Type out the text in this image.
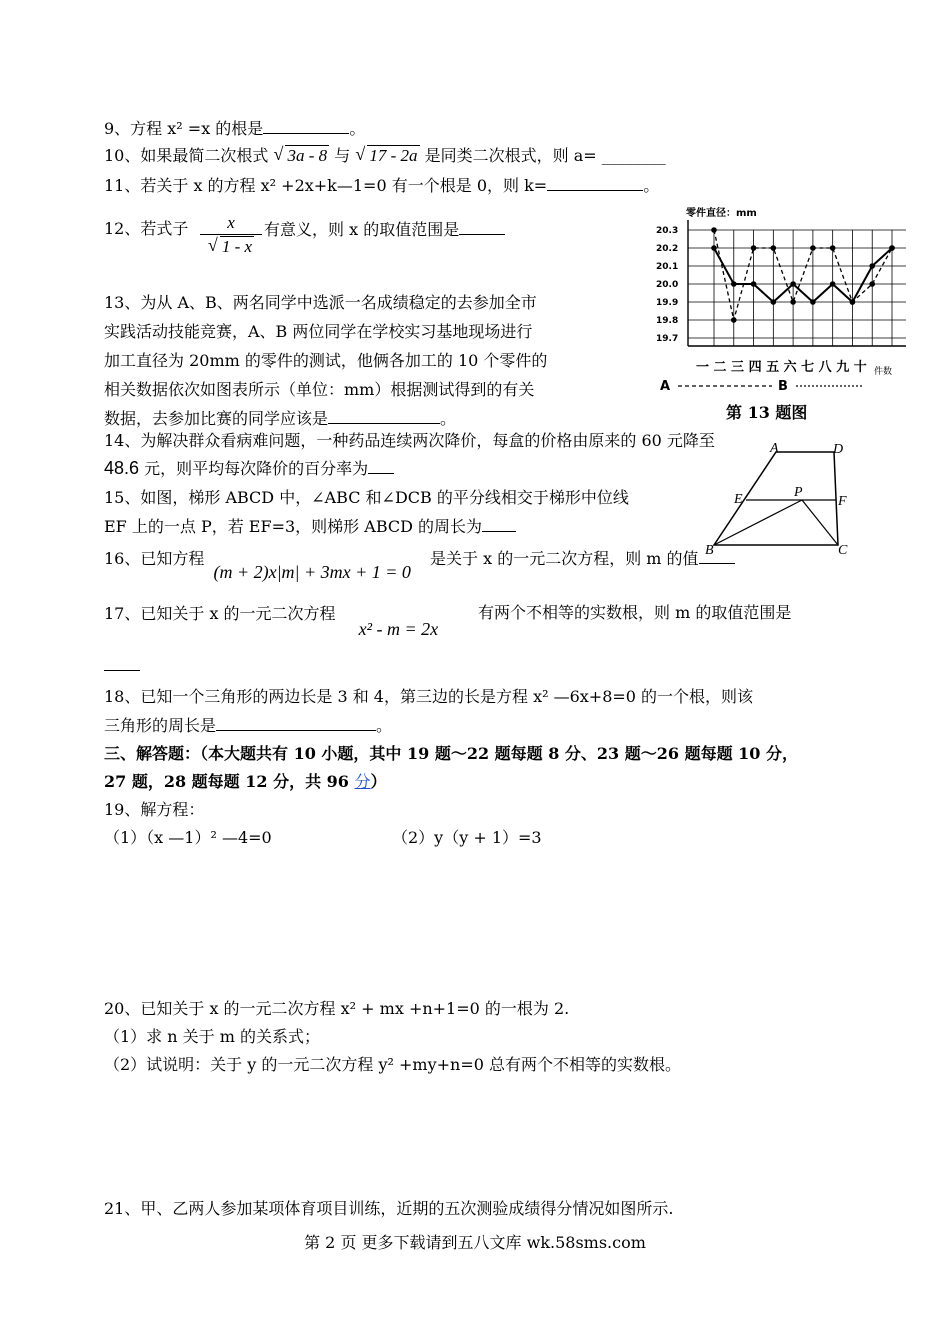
9、方程 x² =x 的根是	。
10、如果最简二次根式 √ 3a - 8 与 √ 17 - 2a 是同类二次根式，则 a= ________
11、若关于 x 的方程 x² +2x+k—1=0 有一个根是 0，则 k=	。
12、若式子 $\frac{x}{√ 1 - x}$ 有意义，则 x 的取值范围是
零件直径：mm
20.3
20.2
20.1
20.0
19.9
19.8
19.7
一 二 三 四 五 六 七 八 九 十 件数
A	B
第 13 题图
13、为从 A、B、两名同学中选派一名成绩稳定的去参加全市
实践活动技能竞赛，A、B 两位同学在学校实习基地现场进行
加工直径为 20mm 的零件的测试，他俩各加工的 10 个零件的
相关数据依次如图表所示（单位：mm）根据测试得到的有关
数据，去参加比赛的同学应该是	。
14、为解决群众看病难问题，一种药品连续两次降价，每盒的价格由原来的 60 元降至
48.6 元，则平均每次降价的百分率为
A	D
E	P
F
B	C
15、如图，梯形 ABCD 中，∠ABC 和∠DCB 的平分线相交于梯形中位线
EF 上的一点 P，若 EF=3，则梯形 ABCD 的周长为
16、已知方程 (m + 2)x|m| + 3mx + 1 = 0
是关于 x 的一元二次方程，则 m 的值
17、已知关于 x 的一元二次方程 x² - m = 2x
有两个不相等的实数根，则 m 的取值范围是
18、已知一个三角形的两边长是 3 和 4，第三边的长是方程 x² —6x+8=0 的一个根，则该
三角形的周长是	。
三、解答题：（本大题共有 10 小题，其中 19 题～22 题每题 8 分、23 题～26 题每题 10 分，
27 题，28 题每题 12 分，共 96 分）
19、解方程：
（1）（x —1）² —4=0	（2）y（y + 1）=3
20、已知关于 x 的一元二次方程 x² + mx +n+1=0 的一根为 2.
（1）求 n 关于 m 的关系式；
（2）试说明：关于 y 的一元二次方程 y² +my+n=0 总有两个不相等的实数根。
21、甲、乙两人参加某项体育项目训练，近期的五次测验成绩得分情况如图所示.
第 2 页 更多下载请到五八文库 wk.58sms.com
